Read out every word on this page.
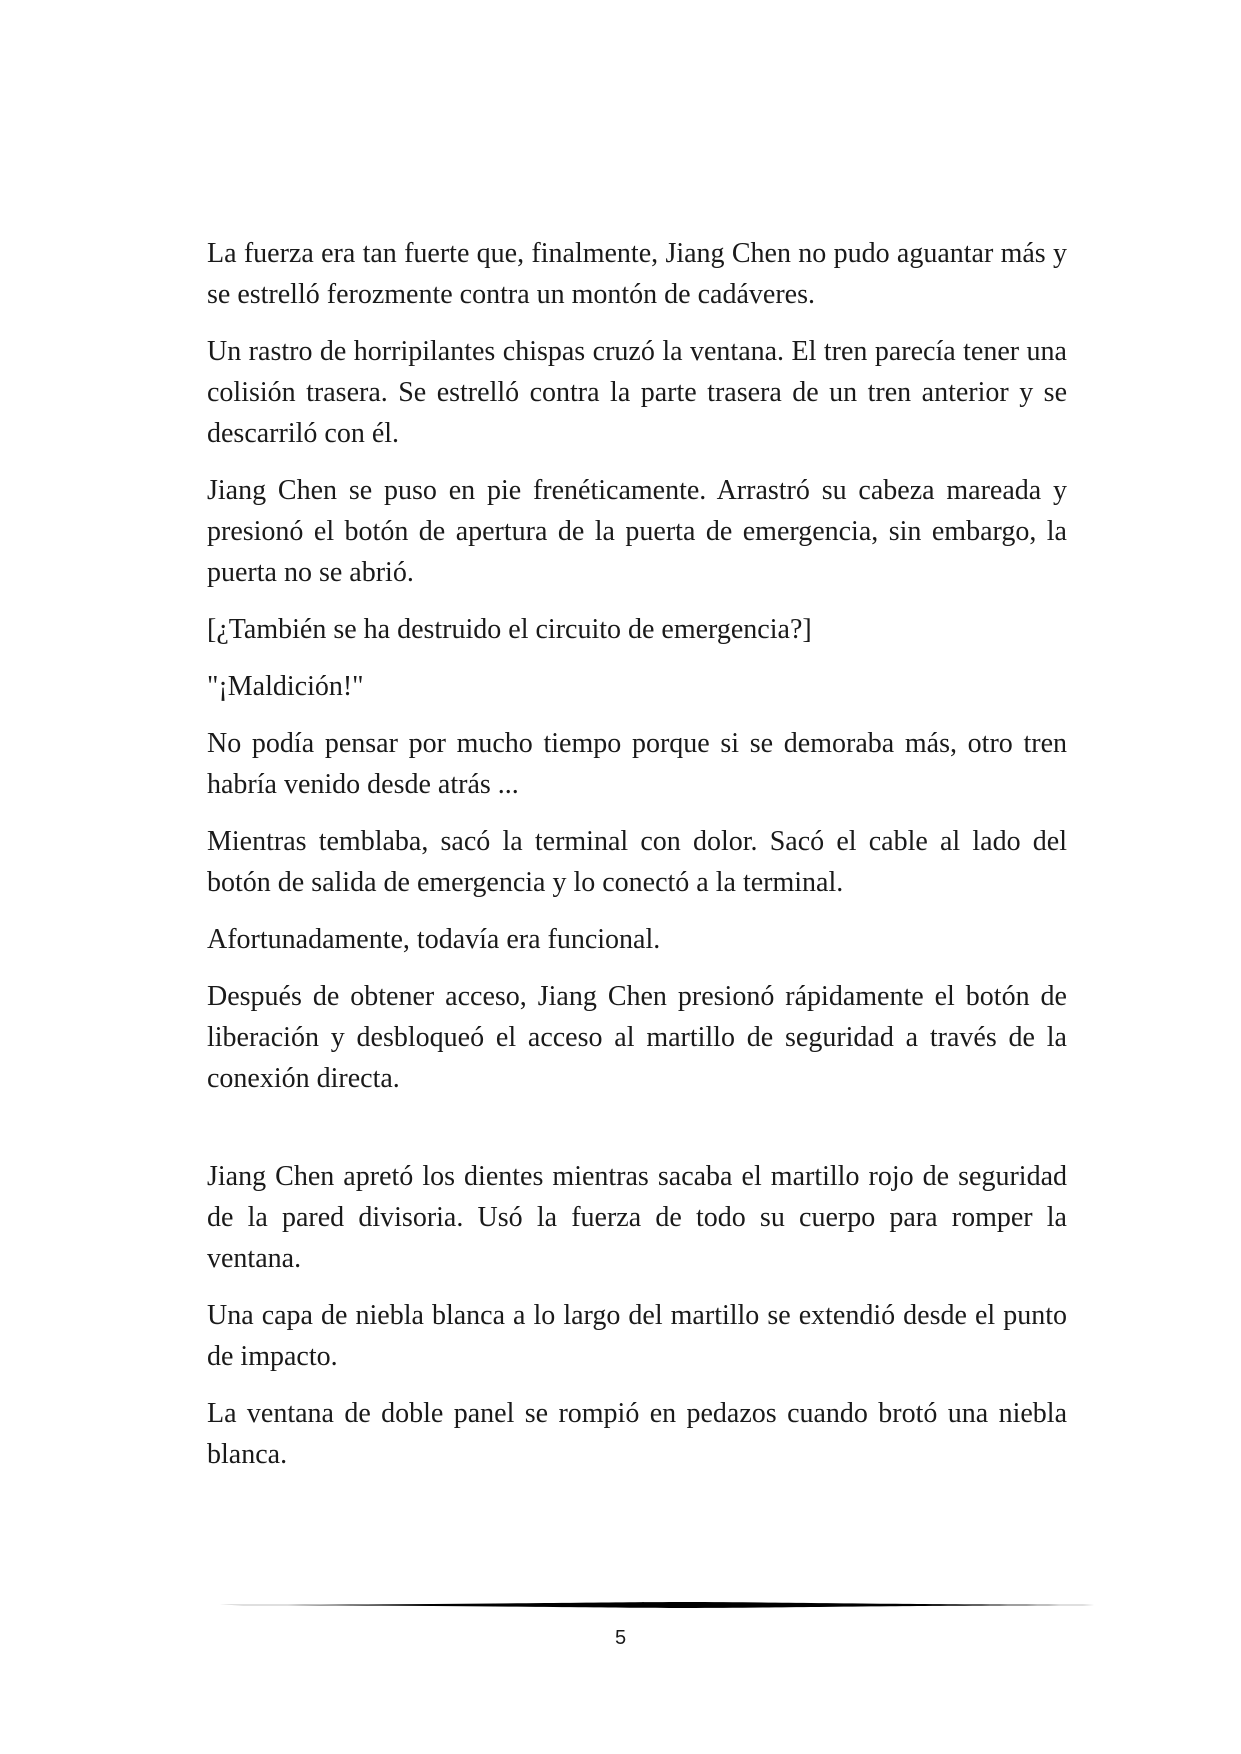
La fuerza era tan fuerte que, finalmente, Jiang Chen no pudo aguantar más y se estrelló ferozmente contra un montón de cadáveres.

Un rastro de horripilantes chispas cruzó la ventana. El tren parecía tener una colisión trasera. Se estrelló contra la parte trasera de un tren anterior y se descarriló con él.

Jiang Chen se puso en pie frenéticamente. Arrastró su cabeza mareada y presionó el botón de apertura de la puerta de emergencia, sin embargo, la puerta no se abrió.

[¿También se ha destruido el circuito de emergencia?]

"¡Maldición!"

No podía pensar por mucho tiempo porque si se demoraba más, otro tren habría venido desde atrás ...

Mientras temblaba, sacó la terminal con dolor. Sacó el cable al lado del botón de salida de emergencia y lo conectó a la terminal.

Afortunadamente, todavía era funcional.

Después de obtener acceso, Jiang Chen presionó rápidamente el botón de liberación y desbloqueó el acceso al martillo de seguridad a través de la conexión directa.

Jiang Chen apretó los dientes mientras sacaba el martillo rojo de seguridad de la pared divisoria. Usó la fuerza de todo su cuerpo para romper la ventana.

Una capa de niebla blanca a lo largo del martillo se extendió desde el punto de impacto.

La ventana de doble panel se rompió en pedazos cuando brotó una niebla blanca.

5
